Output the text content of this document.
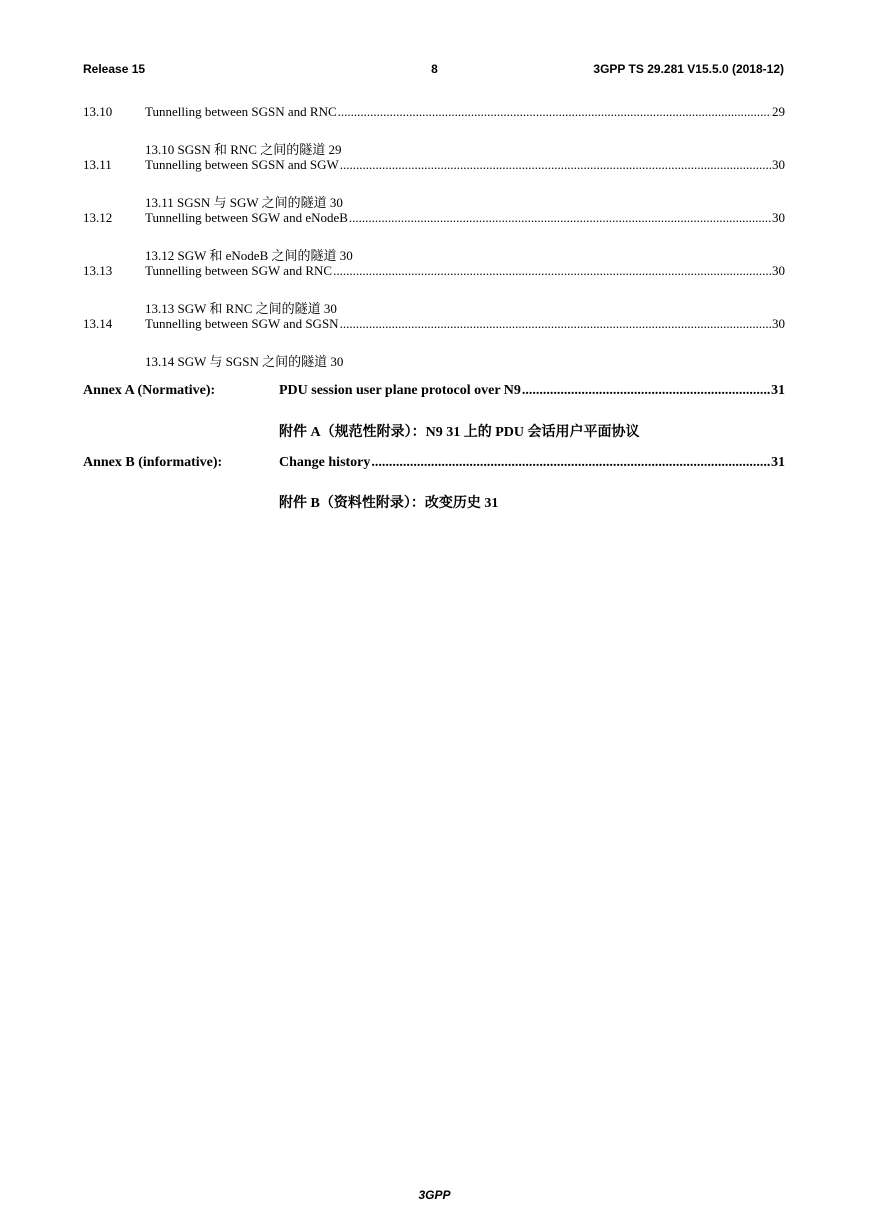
Release 15	8	3GPP TS 29.281 V15.5.0 (2018-12)
13.10	Tunnelling between SGSN and RNC .....	29
13.10 SGSN 和 RNC 之间的隧道 29
13.11	Tunnelling between SGSN and SGW .....	30
13.11 SGSN 与 SGW 之间的隧道 30
13.12	Tunnelling between SGW and eNodeB .....	30
13.12 SGW 和 eNodeB 之间的隧道 30
13.13	Tunnelling between SGW and RNC .....	30
13.13 SGW 和 RNC 之间的隧道 30
13.14	Tunnelling between SGW and SGSN .....	30
13.14 SGW 与 SGSN 之间的隧道 30
Annex A (Normative):	PDU session user plane protocol over N9 .....	31
附件 A（规范性附录）：N9 31 上的 PDU 会话用户平面协议
Annex B (informative):	Change history .....	31
附件 B（资料性附录）：改变历史 31
3GPP
